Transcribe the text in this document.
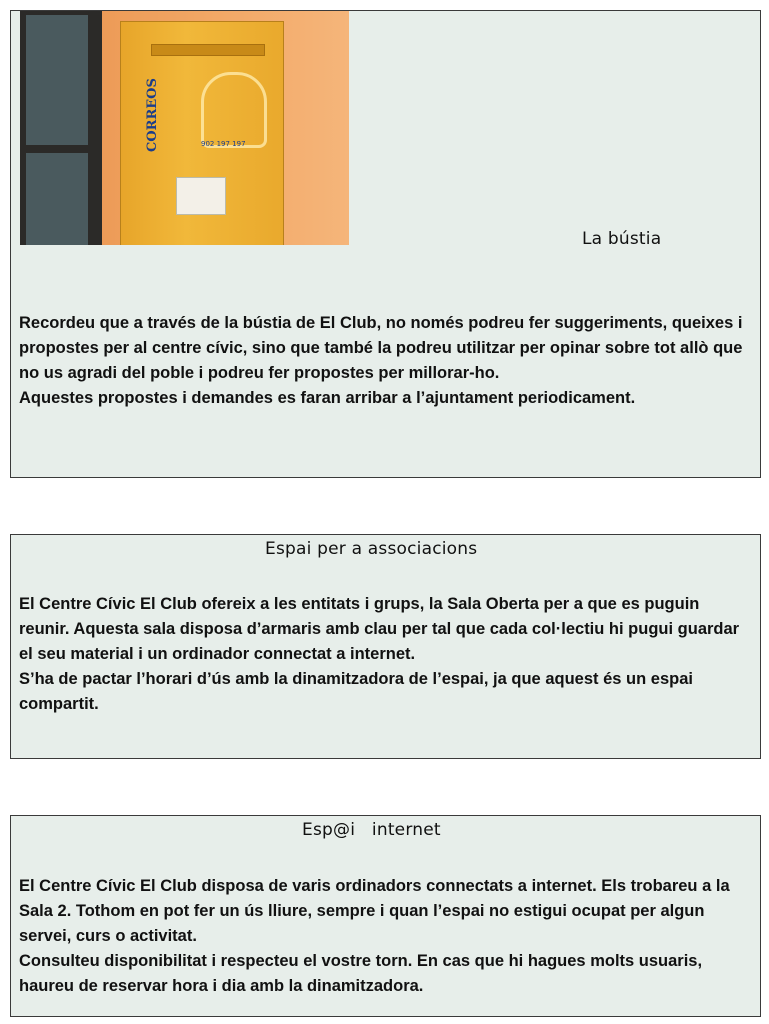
CORREOS	902 197 197
La bústia

Recordeu que a través de la bústia de El Club, no només podreu fer suggeriments, queixes i propostes per al centre cívic, sino que també la podreu utilitzar per opinar sobre tot allò que no us agradi del poble i podreu fer propostes per millorar-ho.

Aquestes propostes i demandes es faran arribar a l’ajuntament periodicament.

Espai per a associacions

El Centre Cívic El Club ofereix a les entitats i grups, la Sala Oberta per a que es puguin reunir. Aquesta sala disposa d’armaris amb clau per tal que cada col·lectiu hi pugui guardar el seu material i un ordinador connectat a internet.

S’ha de pactar l’horari d’ús amb la dinamitzadora de l’espai, ja que aquest és un espai compartit.

Esp@i   internet

El Centre Cívic El Club disposa de varis ordinadors connectats a internet. Els trobareu a la Sala 2. Tothom en pot fer un ús lliure, sempre i quan l’espai no estigui ocupat per algun servei, curs o activitat.

Consulteu disponibilitat i respecteu el vostre torn. En cas que hi hagues molts usuaris, haureu de reservar hora i dia amb la dinamitzadora.
